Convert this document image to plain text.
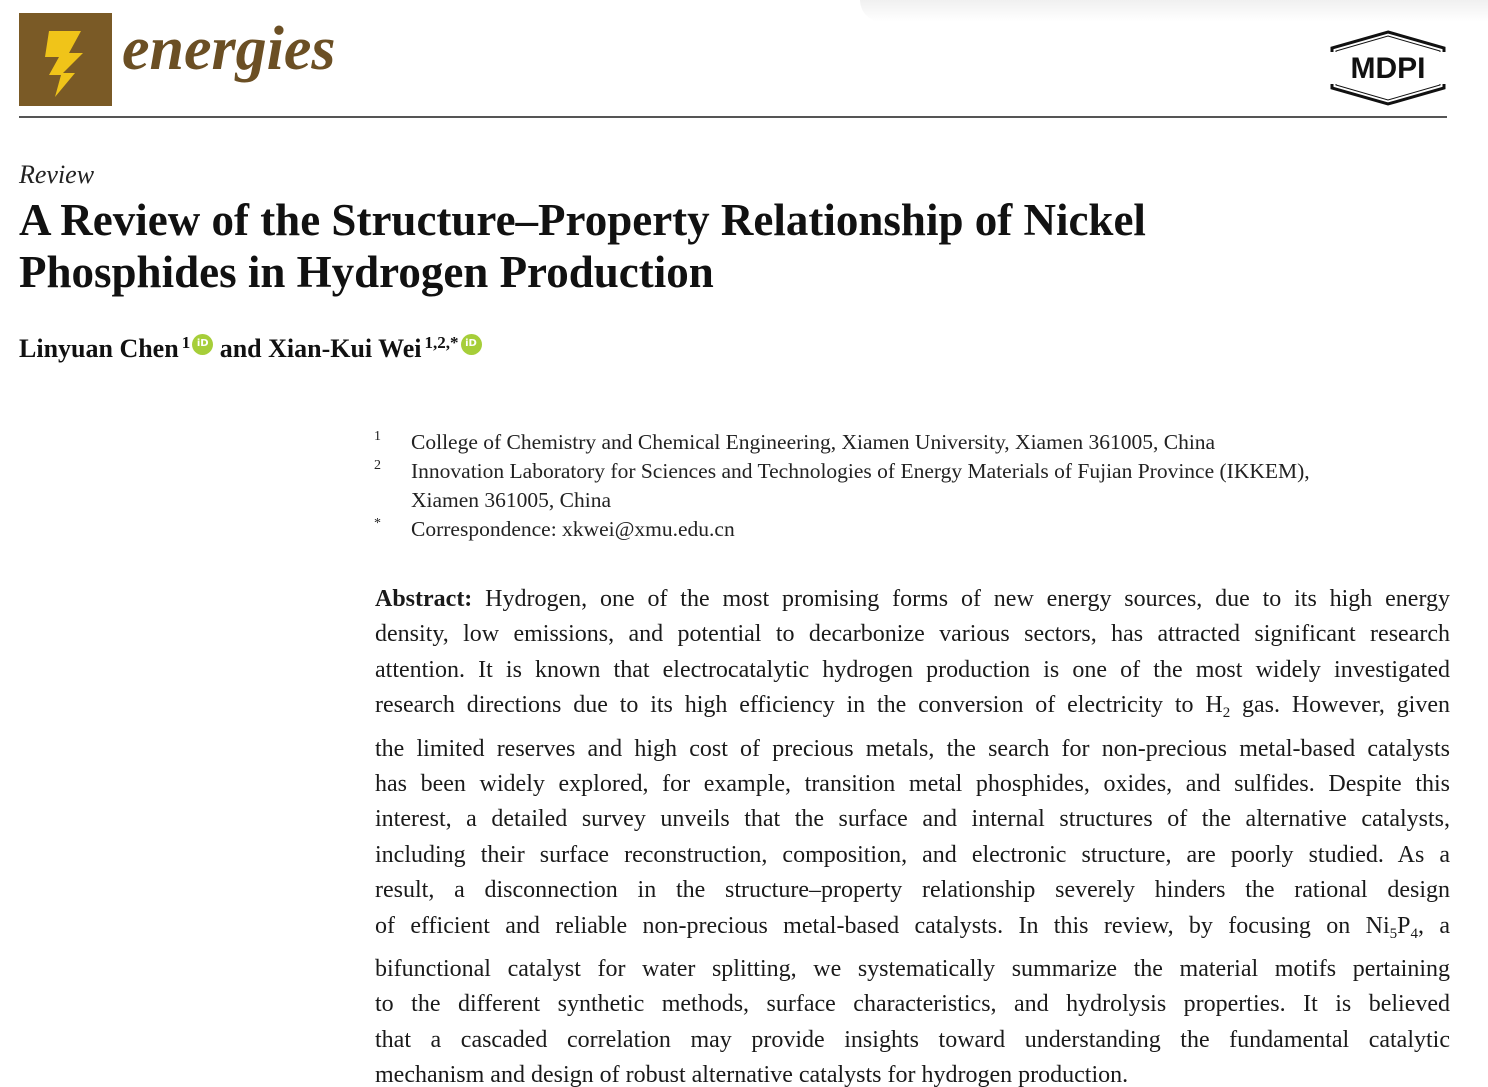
energies	MDPI
Review
A Review of the Structure–Property Relationship of Nickel
Phosphides in Hydrogen Production
Linyuan Chen $^1$iD and Xian-Kui Wei $^{1,2,*}$iD
1	College of Chemistry and Chemical Engineering, Xiamen University, Xiamen 361005, China
2	Innovation Laboratory for Sciences and Technologies of Energy Materials of Fujian Province (IKKEM),
Xiamen 361005, China
*	Correspondence: xkwei@xmu.edu.cn
Abstract: Hydrogen, one of the most promising forms of new energy sources, due to its high energy
density, low emissions, and potential to decarbonize various sectors, has attracted significant research
attention. It is known that electrocatalytic hydrogen production is one of the most widely investigated
research directions due to its high efficiency in the conversion of electricity to $H_2$ gas. However, given
the limited reserves and high cost of precious metals, the search for non-precious metal-based catalysts
has been widely explored, for example, transition metal phosphides, oxides, and sulfides. Despite this
interest, a detailed survey unveils that the surface and internal structures of the alternative catalysts,
including their surface reconstruction, composition, and electronic structure, are poorly studied. As a
result, a disconnection in the structure–property relationship severely hinders the rational design
of efficient and reliable non-precious metal-based catalysts. In this review, by focusing on $Ni_5P_4$, a
bifunctional catalyst for water splitting, we systematically summarize the material motifs pertaining
to the different synthetic methods, surface characteristics, and hydrolysis properties. It is believed
that a cascaded correlation may provide insights toward understanding the fundamental catalytic
mechanism and design of robust alternative catalysts for hydrogen production.
